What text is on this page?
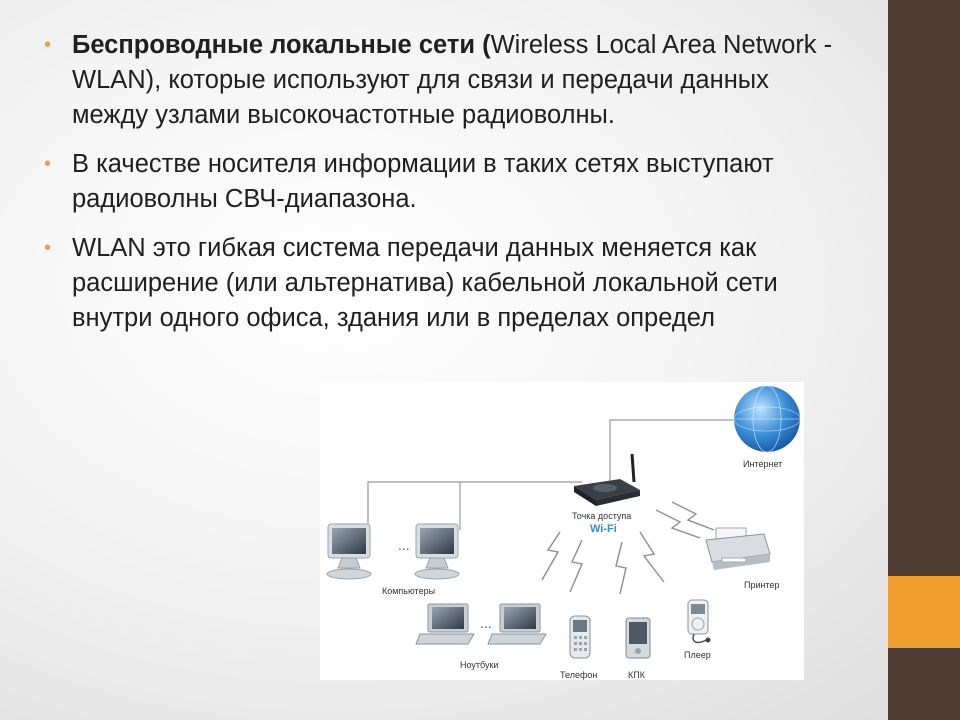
• Беспроводные локальные сети (Wireless Local Area Network - WLAN), которые используют для связи и передачи данных между узлами высокочастотные радиоволны.
• В качестве носителя информации в таких сетях выступают радиоволны СВЧ-диапазона.
• WLAN это гибкая система передачи данных меняется как расширение (или альтернатива) кабельной локальной сети внутри одного офиса, здания или в пределах определ
Интернет
Точка доступа
Wi-Fi
...
Компьютеры
...
Ноутбуки
Телефон	КПК
Плеер
Принтер
